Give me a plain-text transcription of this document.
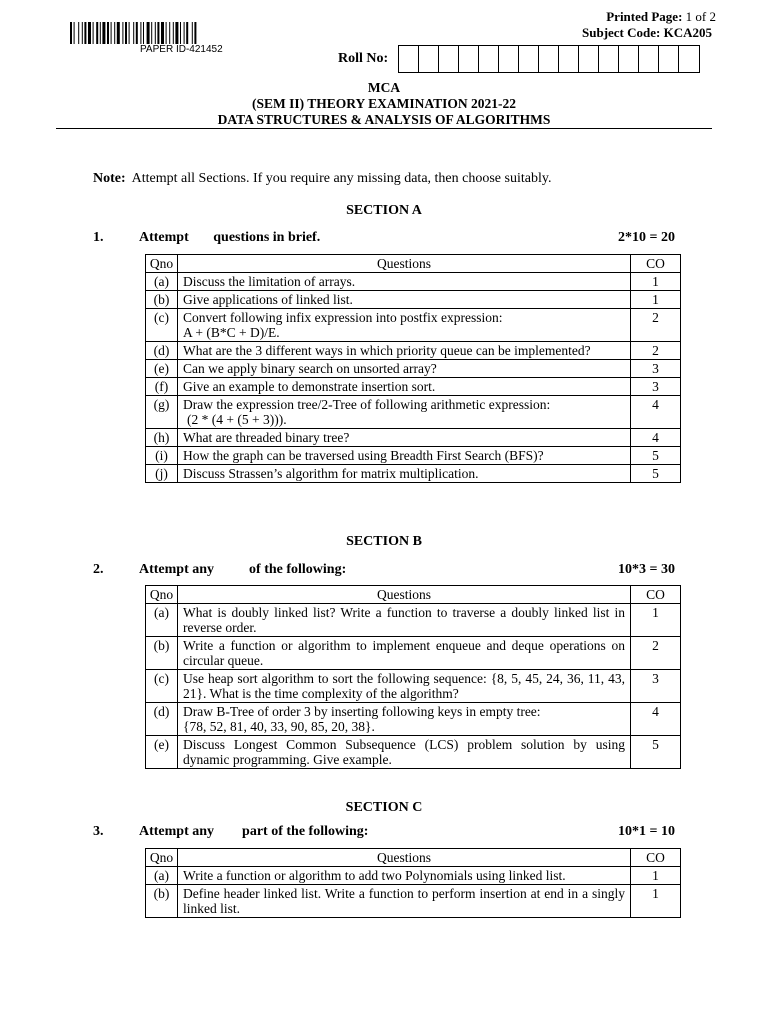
PAPER ID-421452
Printed Page: 1 of 2
Subject Code: KCA205
Roll No:
MCA
(SEM II) THEORY EXAMINATION 2021-22
DATA STRUCTURES & ANALYSIS OF ALGORITHMS
Note: Attempt all Sections. If you require any missing data, then choose suitably.
SECTION A
1.	Attempt       questions in brief.	2*10 = 20
Qno	Questions	CO
(a)	Discuss the limitation of arrays.	1
(b)	Give applications of linked list.	1
(c)	Convert following infix expression into postfix expression:
A + (B*C + D)/E.	2
(d)	What are the 3 different ways in which priority queue can be implemented?	2
(e)	Can we apply binary search on unsorted array?	3
(f)	Give an example to demonstrate insertion sort.	3
(g)	Draw the expression tree/2-Tree of following arithmetic expression:
(2 * (4 + (5 + 3))).	4
(h)	What are threaded binary tree?	4
(i)	How the graph can be traversed using Breadth First Search (BFS)?	5
(j)	Discuss Strassen’s algorithm for matrix multiplication.	5
SECTION B
2.	Attempt any          of the following:	10*3 = 30
Qno	Questions	CO
(a)	What is doubly linked list? Write a function to traverse a doubly linked list in reverse order.	1
(b)	Write a function or algorithm to implement enqueue and deque operations on circular queue.	2
(c)	Use heap sort algorithm to sort the following sequence: {8, 5, 45, 24, 36, 11, 43, 21}. What is the time complexity of the algorithm?	3
(d)	Draw B-Tree of order 3 by inserting following keys in empty tree:
{78, 52, 81, 40, 33, 90, 85, 20, 38}.	4
(e)	Discuss Longest Common Subsequence (LCS) problem solution by using dynamic programming. Give example.	5
SECTION C
3.	Attempt any        part of the following:	10*1 = 10
Qno	Questions	CO
(a)	Write a function or algorithm to add two Polynomials using linked list.	1
(b)	Define header linked list. Write a function to perform insertion at end in a singly linked list.	1
